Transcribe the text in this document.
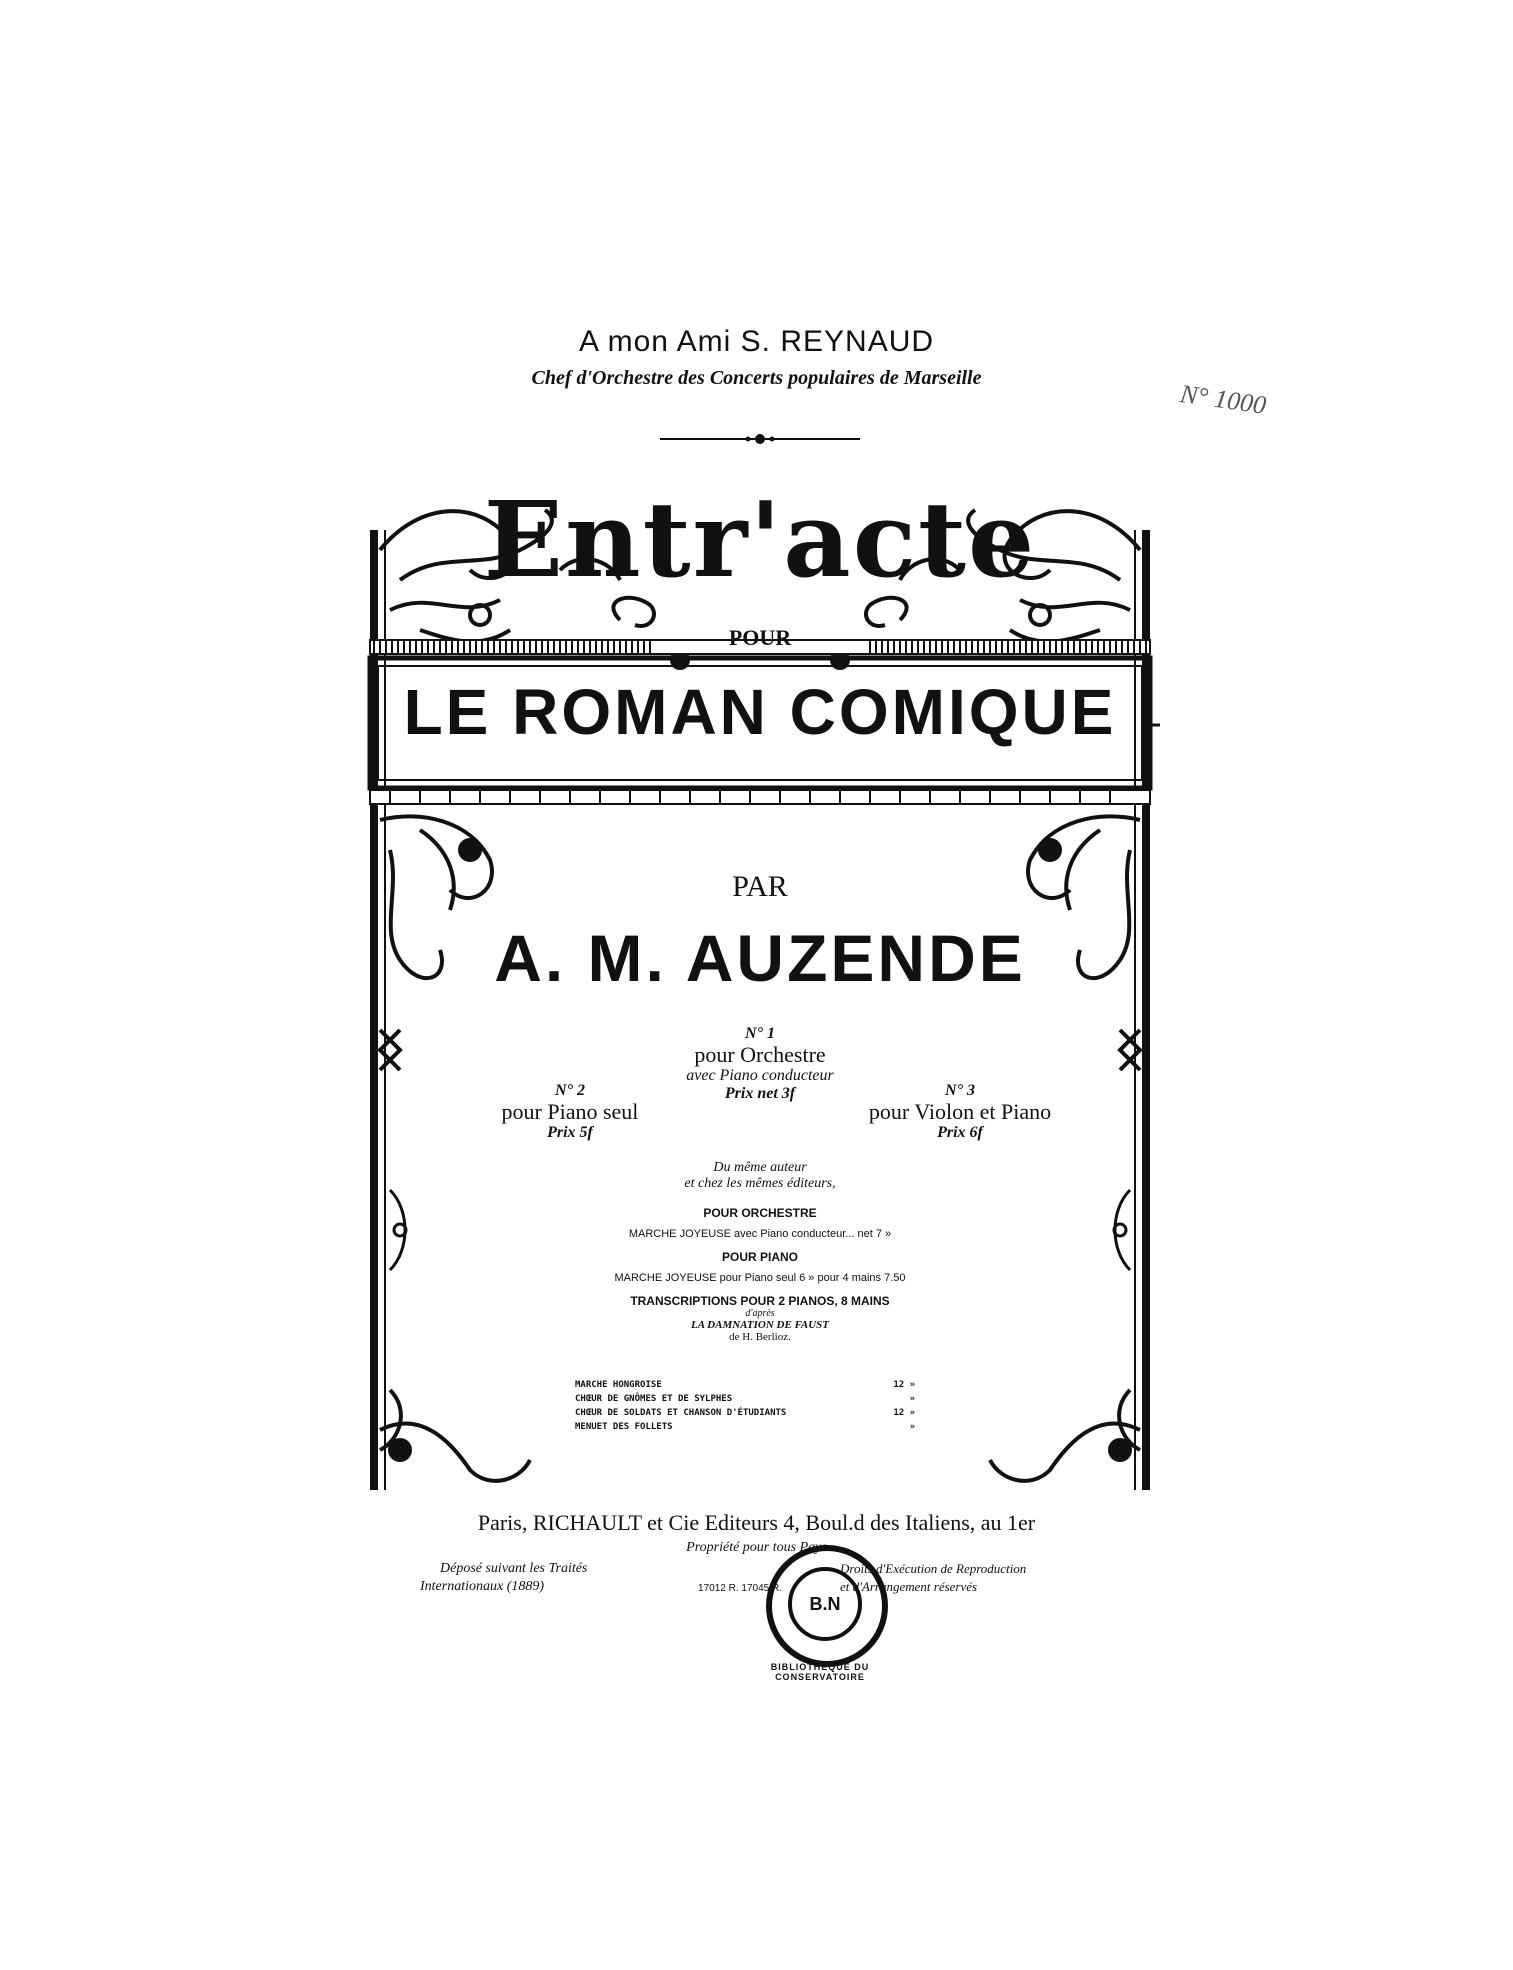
A mon Ami S. REYNAUD
Chef d'Orchestre des Concerts populaires de Marseille
N° 1000
Entr'acte
POUR
LE ROMAN COMIQUE
PAR
A. M. AUZENDE
N° 1
pour Orchestre
avec Piano conducteur
Prix net 3f
N° 2
pour Piano seul
Prix 5f
N° 3
pour Violon et Piano
Prix 6f
Du même auteur
et chez les mêmes éditeurs,
POUR ORCHESTRE
MARCHE JOYEUSE avec Piano conducteur... net 7 »
POUR PIANO
MARCHE JOYEUSE pour Piano seul 6 » pour 4 mains 7.50
TRANSCRIPTIONS POUR 2 PIANOS, 8 MAINS
d'après
LA DAMNATION DE FAUST
de H. Berlioz.
MARCHE HONGROISE	12 »
CHŒUR DE GNÔMES ET DE SYLPHES	»
CHŒUR DE SOLDATS ET CHANSON D'ÉTUDIANTS	12 »
MENUET DES FOLLETS	»
Paris, RICHAULT et Cie Editeurs 4, Boul.d des Italiens, au 1er
Propriété pour tous Pays
Déposé suivant les Traités
Internationaux (1889)
Droits d'Exécution de Reproduction
et d'Arrangement réservés
17012 R. 17045 R.
B.N
BIBLIOTHÈQUE DU CONSERVATOIRE
